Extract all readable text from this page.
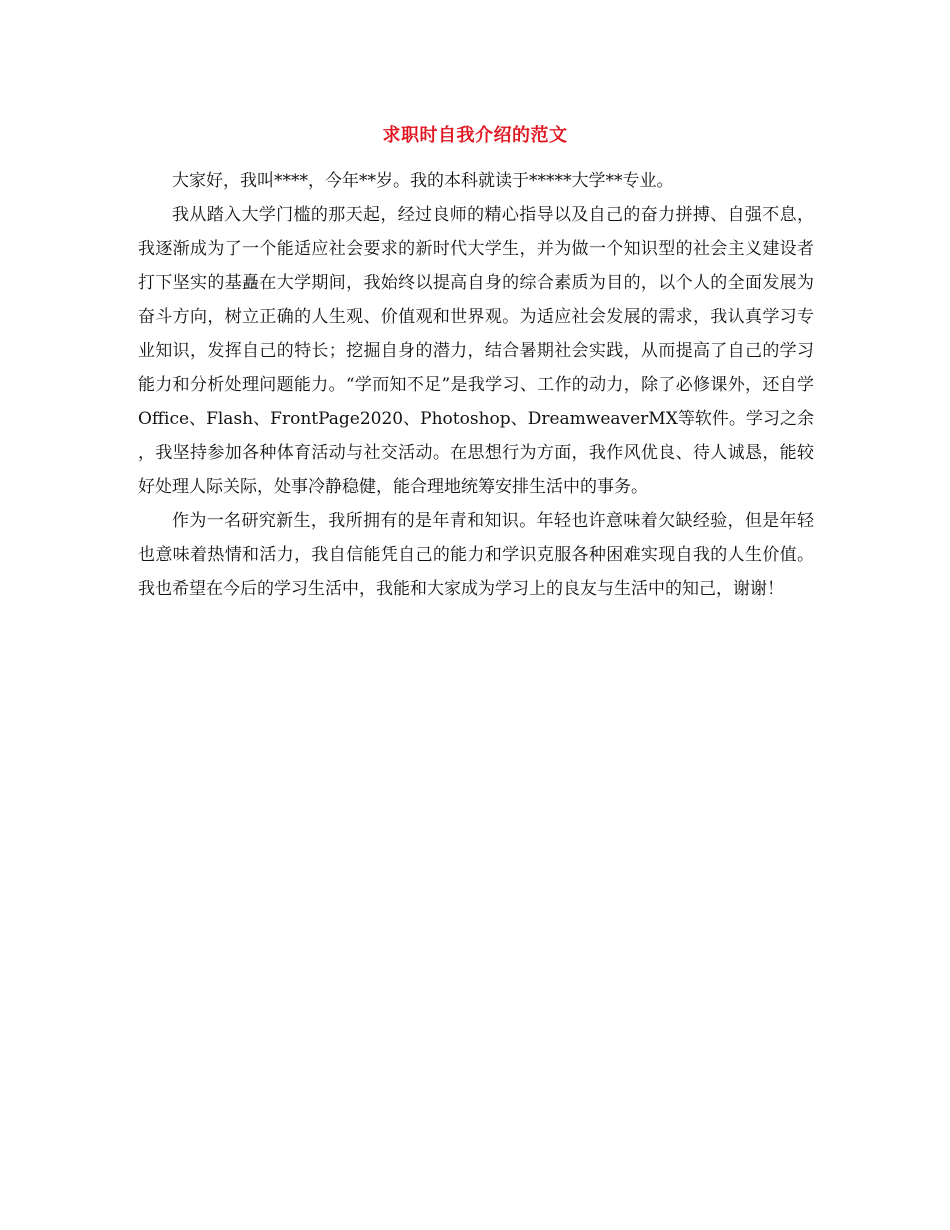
求职时自我介绍的范文

大家好，我叫****，今年**岁。我的本科就读于*****大学**专业。

我从踏入大学门槛的那天起，经过良师的精心指导以及自己的奋力拼搏、自强不息，我逐渐成为了一个能适应社会要求的新时代大学生，并为做一个知识型的社会主义建设者打下坚实的基矗在大学期间，我始终以提高自身的综合素质为目的，以个人的全面发展为奋斗方向，树立正确的人生观、价值观和世界观。为适应社会发展的需求，我认真学习专业知识，发挥自己的特长；挖掘自身的潜力，结合暑期社会实践，从而提高了自己的学习能力和分析处理问题能力。“学而知不足”是我学习、工作的动力，除了必修课外，还自学Office、Flash、FrontPage2020、Photoshop、DreamweaverMX等软件。学习之余，我坚持参加各种体育活动与社交活动。在思想行为方面，我作风优良、待人诚恳，能较好处理人际关际，处事冷静稳健，能合理地统筹安排生活中的事务。

作为一名研究新生，我所拥有的是年青和知识。年轻也许意味着欠缺经验，但是年轻也意味着热情和活力，我自信能凭自己的能力和学识克服各种困难实现自我的人生价值。 我也希望在今后的学习生活中，我能和大家成为学习上的良友与生活中的知己，谢谢！
